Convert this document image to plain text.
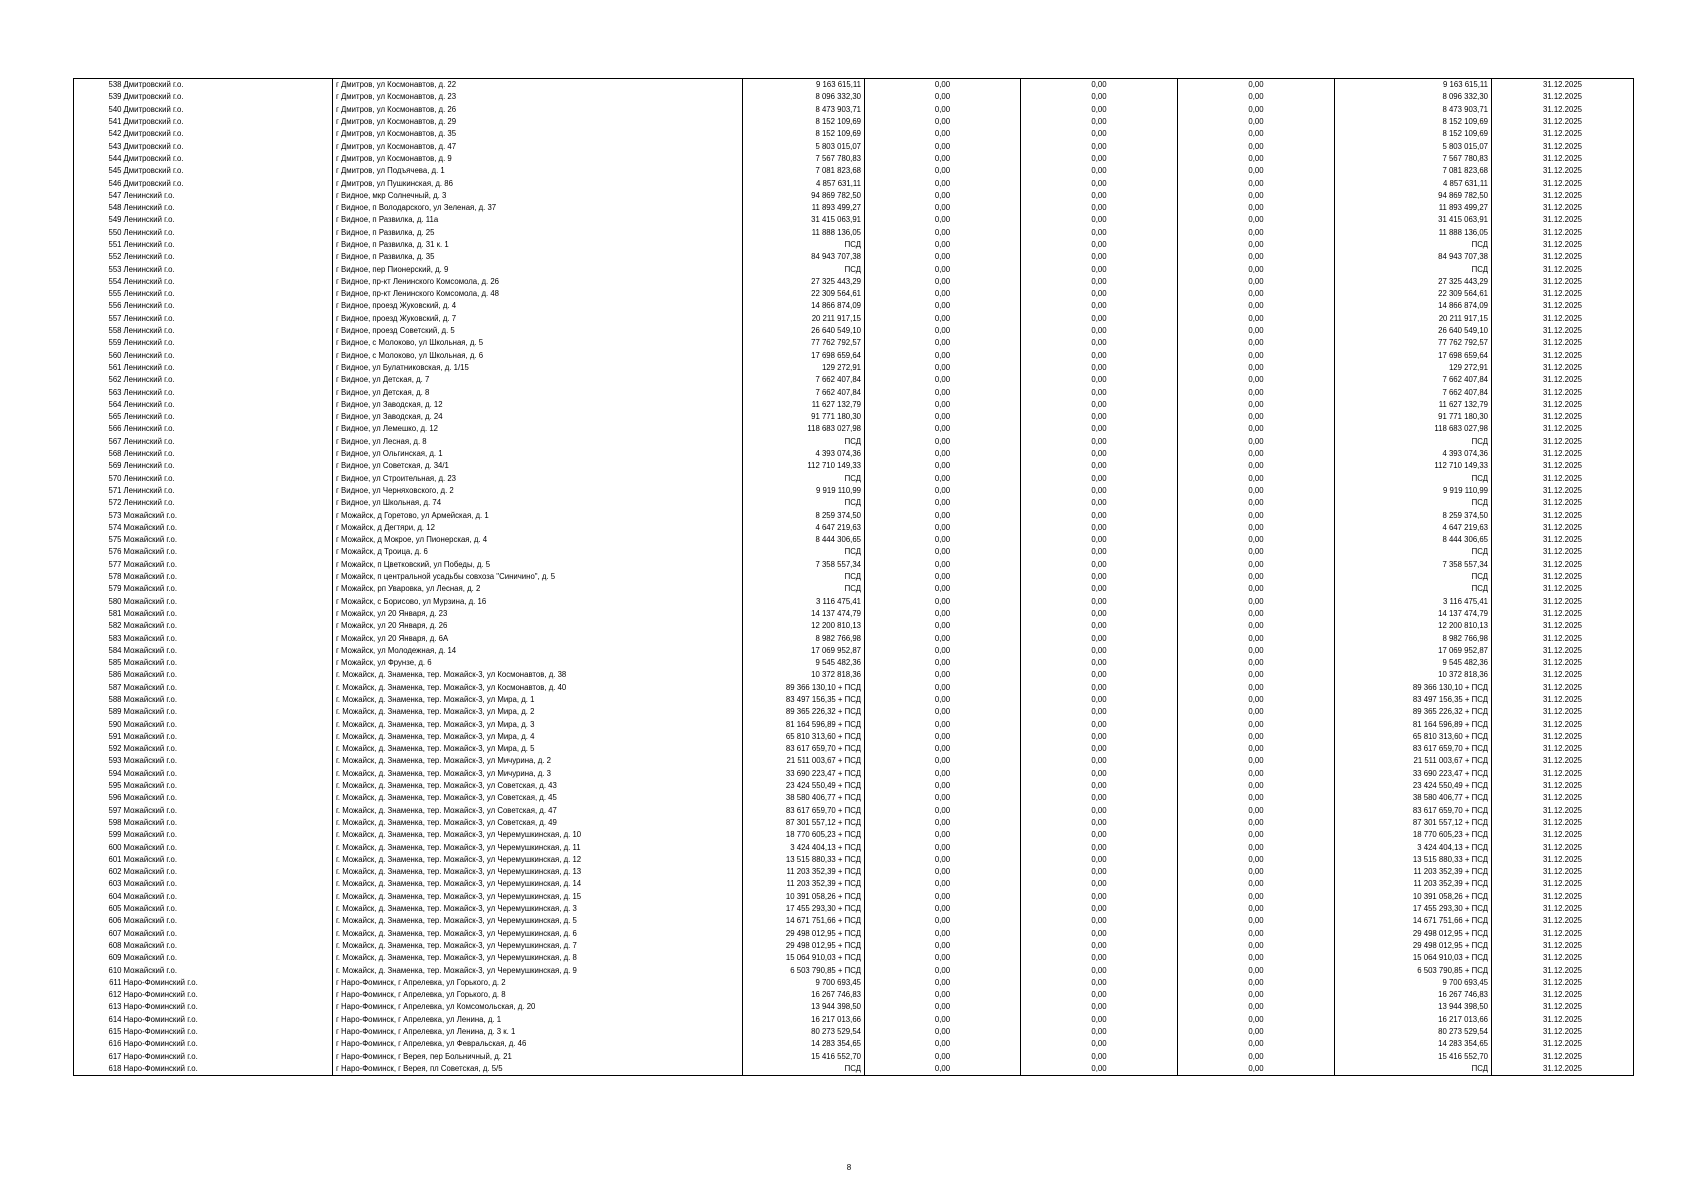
538	Дмитровский г.о.	г Дмитров, ул Космонавтов, д. 22	9 163 615,11	0,00	0,00	0,00	9 163 615,11	31.12.2025
539	Дмитровский г.о.	г Дмитров, ул Космонавтов, д. 23	8 096 332,30	0,00	0,00	0,00	8 096 332,30	31.12.2025
540	Дмитровский г.о.	г Дмитров, ул Космонавтов, д. 26	8 473 903,71	0,00	0,00	0,00	8 473 903,71	31.12.2025
541	Дмитровский г.о.	г Дмитров, ул Космонавтов, д. 29	8 152 109,69	0,00	0,00	0,00	8 152 109,69	31.12.2025
542	Дмитровский г.о.	г Дмитров, ул Космонавтов, д. 35	8 152 109,69	0,00	0,00	0,00	8 152 109,69	31.12.2025
543	Дмитровский г.о.	г Дмитров, ул Космонавтов, д. 47	5 803 015,07	0,00	0,00	0,00	5 803 015,07	31.12.2025
544	Дмитровский г.о.	г Дмитров, ул Космонавтов, д. 9	7 567 780,83	0,00	0,00	0,00	7 567 780,83	31.12.2025
545	Дмитровский г.о.	г Дмитров, ул Подъячева, д. 1	7 081 823,68	0,00	0,00	0,00	7 081 823,68	31.12.2025
546	Дмитровский г.о.	г Дмитров, ул Пушкинская, д. 86	4 857 631,11	0,00	0,00	0,00	4 857 631,11	31.12.2025
547	Ленинский г.о.	г Видное, мкр Солнечный, д. 3	94 869 782,50	0,00	0,00	0,00	94 869 782,50	31.12.2025
548	Ленинский г.о.	г Видное, п Володарского, ул Зеленая, д. 37	11 893 499,27	0,00	0,00	0,00	11 893 499,27	31.12.2025
549	Ленинский г.о.	г Видное, п Развилка, д. 11а	31 415 063,91	0,00	0,00	0,00	31 415 063,91	31.12.2025
550	Ленинский г.о.	г Видное, п Развилка, д. 25	11 888 136,05	0,00	0,00	0,00	11 888 136,05	31.12.2025
551	Ленинский г.о.	г Видное, п Развилка, д. 31 к. 1	ПСД	0,00	0,00	0,00	ПСД	31.12.2025
552	Ленинский г.о.	г Видное, п Развилка, д. 35	84 943 707,38	0,00	0,00	0,00	84 943 707,38	31.12.2025
553	Ленинский г.о.	г Видное, пер Пионерский, д. 9	ПСД	0,00	0,00	0,00	ПСД	31.12.2025
554	Ленинский г.о.	г Видное, пр-кт Ленинского Комсомола, д. 26	27 325 443,29	0,00	0,00	0,00	27 325 443,29	31.12.2025
555	Ленинский г.о.	г Видное, пр-кт Ленинского Комсомола, д. 48	22 309 564,61	0,00	0,00	0,00	22 309 564,61	31.12.2025
556	Ленинский г.о.	г Видное, проезд Жуковский, д. 4	14 866 874,09	0,00	0,00	0,00	14 866 874,09	31.12.2025
557	Ленинский г.о.	г Видное, проезд Жуковский, д. 7	20 211 917,15	0,00	0,00	0,00	20 211 917,15	31.12.2025
558	Ленинский г.о.	г Видное, проезд Советский, д. 5	26 640 549,10	0,00	0,00	0,00	26 640 549,10	31.12.2025
559	Ленинский г.о.	г Видное, с Молоково, ул Школьная, д. 5	77 762 792,57	0,00	0,00	0,00	77 762 792,57	31.12.2025
560	Ленинский г.о.	г Видное, с Молоково, ул Школьная, д. 6	17 698 659,64	0,00	0,00	0,00	17 698 659,64	31.12.2025
561	Ленинский г.о.	г Видное, ул Булатниковская, д. 1/15	129 272,91	0,00	0,00	0,00	129 272,91	31.12.2025
562	Ленинский г.о.	г Видное, ул Детская, д. 7	7 662 407,84	0,00	0,00	0,00	7 662 407,84	31.12.2025
563	Ленинский г.о.	г Видное, ул Детская, д. 8	7 662 407,84	0,00	0,00	0,00	7 662 407,84	31.12.2025
564	Ленинский г.о.	г Видное, ул Заводская, д. 12	11 627 132,79	0,00	0,00	0,00	11 627 132,79	31.12.2025
565	Ленинский г.о.	г Видное, ул Заводская, д. 24	91 771 180,30	0,00	0,00	0,00	91 771 180,30	31.12.2025
566	Ленинский г.о.	г Видное, ул Лемешко, д. 12	118 683 027,98	0,00	0,00	0,00	118 683 027,98	31.12.2025
567	Ленинский г.о.	г Видное, ул Лесная, д. 8	ПСД	0,00	0,00	0,00	ПСД	31.12.2025
568	Ленинский г.о.	г Видное, ул Ольгинская, д. 1	4 393 074,36	0,00	0,00	0,00	4 393 074,36	31.12.2025
569	Ленинский г.о.	г Видное, ул Советская, д. 34/1	112 710 149,33	0,00	0,00	0,00	112 710 149,33	31.12.2025
570	Ленинский г.о.	г Видное, ул Строительная, д. 23	ПСД	0,00	0,00	0,00	ПСД	31.12.2025
571	Ленинский г.о.	г Видное, ул Черняховского, д. 2	9 919 110,99	0,00	0,00	0,00	9 919 110,99	31.12.2025
572	Ленинский г.о.	г Видное, ул Школьная, д. 74	ПСД	0,00	0,00	0,00	ПСД	31.12.2025
573	Можайский г.о.	г Можайск, д Горетово, ул Армейская, д. 1	8 259 374,50	0,00	0,00	0,00	8 259 374,50	31.12.2025
574	Можайский г.о.	г Можайск, д Дегтяри, д. 12	4 647 219,63	0,00	0,00	0,00	4 647 219,63	31.12.2025
575	Можайский г.о.	г Можайск, д Мокрое, ул Пионерская, д. 4	8 444 306,65	0,00	0,00	0,00	8 444 306,65	31.12.2025
576	Можайский г.о.	г Можайск, д Троица, д. 6	ПСД	0,00	0,00	0,00	ПСД	31.12.2025
577	Можайский г.о.	г Можайск, п Цветковский, ул Победы, д. 5	7 358 557,34	0,00	0,00	0,00	7 358 557,34	31.12.2025
578	Можайский г.о.	г Можайск, п центральной усадьбы совхоза "Синичино", д. 5	ПСД	0,00	0,00	0,00	ПСД	31.12.2025
579	Можайский г.о.	г Можайск, рп Уваровка, ул Лесная, д. 2	ПСД	0,00	0,00	0,00	ПСД	31.12.2025
580	Можайский г.о.	г Можайск, с Борисово, ул Мурзина, д. 16	3 116 475,41	0,00	0,00	0,00	3 116 475,41	31.12.2025
581	Можайский г.о.	г Можайск, ул 20 Января, д. 23	14 137 474,79	0,00	0,00	0,00	14 137 474,79	31.12.2025
582	Можайский г.о.	г Можайск, ул 20 Января, д. 26	12 200 810,13	0,00	0,00	0,00	12 200 810,13	31.12.2025
583	Можайский г.о.	г Можайск, ул 20 Января, д. 6А	8 982 766,98	0,00	0,00	0,00	8 982 766,98	31.12.2025
584	Можайский г.о.	г Можайск, ул Молодежная, д. 14	17 069 952,87	0,00	0,00	0,00	17 069 952,87	31.12.2025
585	Можайский г.о.	г Можайск, ул Фрунзе, д. 6	9 545 482,36	0,00	0,00	0,00	9 545 482,36	31.12.2025
586	Можайский г.о.	г. Можайск, д. Знаменка, тер. Можайск-3, ул Космонавтов, д. 38	10 372 818,36	0,00	0,00	0,00	10 372 818,36	31.12.2025
587	Можайский г.о.	г. Можайск, д. Знаменка, тер. Можайск-3, ул Космонавтов, д. 40	89 366 130,10 + ПСД	0,00	0,00	0,00	89 366 130,10 + ПСД	31.12.2025
588	Можайский г.о.	г. Можайск, д. Знаменка, тер. Можайск-3, ул Мира, д. 1	83 497 156,35 + ПСД	0,00	0,00	0,00	83 497 156,35 + ПСД	31.12.2025
589	Можайский г.о.	г. Можайск, д. Знаменка, тер. Можайск-3, ул Мира, д. 2	89 365 226,32 + ПСД	0,00	0,00	0,00	89 365 226,32 + ПСД	31.12.2025
590	Можайский г.о.	г. Можайск, д. Знаменка, тер. Можайск-3, ул Мира, д. 3	81 164 596,89 + ПСД	0,00	0,00	0,00	81 164 596,89 + ПСД	31.12.2025
591	Можайский г.о.	г. Можайск, д. Знаменка, тер. Можайск-3, ул Мира, д. 4	65 810 313,60 + ПСД	0,00	0,00	0,00	65 810 313,60 + ПСД	31.12.2025
592	Можайский г.о.	г. Можайск, д. Знаменка, тер. Можайск-3, ул Мира, д. 5	83 617 659,70 + ПСД	0,00	0,00	0,00	83 617 659,70 + ПСД	31.12.2025
593	Можайский г.о.	г. Можайск, д. Знаменка, тер. Можайск-3, ул Мичурина, д. 2	21 511 003,67 + ПСД	0,00	0,00	0,00	21 511 003,67 + ПСД	31.12.2025
594	Можайский г.о.	г. Можайск, д. Знаменка, тер. Можайск-3, ул Мичурина, д. 3	33 690 223,47 + ПСД	0,00	0,00	0,00	33 690 223,47 + ПСД	31.12.2025
595	Можайский г.о.	г. Можайск, д. Знаменка, тер. Можайск-3, ул Советская, д. 43	23 424 550,49 + ПСД	0,00	0,00	0,00	23 424 550,49 + ПСД	31.12.2025
596	Можайский г.о.	г. Можайск, д. Знаменка, тер. Можайск-3, ул Советская, д. 45	38 580 406,77 + ПСД	0,00	0,00	0,00	38 580 406,77 + ПСД	31.12.2025
597	Можайский г.о.	г. Можайск, д. Знаменка, тер. Можайск-3, ул Советская, д. 47	83 617 659,70 + ПСД	0,00	0,00	0,00	83 617 659,70 + ПСД	31.12.2025
598	Можайский г.о.	г. Можайск, д. Знаменка, тер. Можайск-3, ул Советская, д. 49	87 301 557,12 + ПСД	0,00	0,00	0,00	87 301 557,12 + ПСД	31.12.2025
599	Можайский г.о.	г. Можайск, д. Знаменка, тер. Можайск-3, ул Черемушкинская, д. 10	18 770 605,23 + ПСД	0,00	0,00	0,00	18 770 605,23 + ПСД	31.12.2025
600	Можайский г.о.	г. Можайск, д. Знаменка, тер. Можайск-3, ул Черемушкинская, д. 11	3 424 404,13 + ПСД	0,00	0,00	0,00	3 424 404,13 + ПСД	31.12.2025
601	Можайский г.о.	г. Можайск, д. Знаменка, тер. Можайск-3, ул Черемушкинская, д. 12	13 515 880,33 + ПСД	0,00	0,00	0,00	13 515 880,33 + ПСД	31.12.2025
602	Можайский г.о.	г. Можайск, д. Знаменка, тер. Можайск-3, ул Черемушкинская, д. 13	11 203 352,39 + ПСД	0,00	0,00	0,00	11 203 352,39 + ПСД	31.12.2025
603	Можайский г.о.	г. Можайск, д. Знаменка, тер. Можайск-3, ул Черемушкинская, д. 14	11 203 352,39 + ПСД	0,00	0,00	0,00	11 203 352,39 + ПСД	31.12.2025
604	Можайский г.о.	г. Можайск, д. Знаменка, тер. Можайск-3, ул Черемушкинская, д. 15	10 391 058,26 + ПСД	0,00	0,00	0,00	10 391 058,26 + ПСД	31.12.2025
605	Можайский г.о.	г. Можайск, д. Знаменка, тер. Можайск-3, ул Черемушкинская, д. 3	17 455 293,30 + ПСД	0,00	0,00	0,00	17 455 293,30 + ПСД	31.12.2025
606	Можайский г.о.	г. Можайск, д. Знаменка, тер. Можайск-3, ул Черемушкинская, д. 5	14 671 751,66 + ПСД	0,00	0,00	0,00	14 671 751,66 + ПСД	31.12.2025
607	Можайский г.о.	г. Можайск, д. Знаменка, тер. Можайск-3, ул Черемушкинская, д. 6	29 498 012,95 + ПСД	0,00	0,00	0,00	29 498 012,95 + ПСД	31.12.2025
608	Можайский г.о.	г. Можайск, д. Знаменка, тер. Можайск-3, ул Черемушкинская, д. 7	29 498 012,95 + ПСД	0,00	0,00	0,00	29 498 012,95 + ПСД	31.12.2025
609	Можайский г.о.	г. Можайск, д. Знаменка, тер. Можайск-3, ул Черемушкинская, д. 8	15 064 910,03 + ПСД	0,00	0,00	0,00	15 064 910,03 + ПСД	31.12.2025
610	Можайский г.о.	г. Можайск, д. Знаменка, тер. Можайск-3, ул Черемушкинская, д. 9	6 503 790,85 + ПСД	0,00	0,00	0,00	6 503 790,85 + ПСД	31.12.2025
611	Наро-Фоминский г.о.	г Наро-Фоминск, г Апрелевка, ул Горького, д. 2	9 700 693,45	0,00	0,00	0,00	9 700 693,45	31.12.2025
612	Наро-Фоминский г.о.	г Наро-Фоминск, г Апрелевка, ул Горького, д. 8	16 267 746,83	0,00	0,00	0,00	16 267 746,83	31.12.2025
613	Наро-Фоминский г.о.	г Наро-Фоминск, г Апрелевка, ул Комсомольская, д. 20	13 944 398,50	0,00	0,00	0,00	13 944 398,50	31.12.2025
614	Наро-Фоминский г.о.	г Наро-Фоминск, г Апрелевка, ул Ленина, д. 1	16 217 013,66	0,00	0,00	0,00	16 217 013,66	31.12.2025
615	Наро-Фоминский г.о.	г Наро-Фоминск, г Апрелевка, ул Ленина, д. 3 к. 1	80 273 529,54	0,00	0,00	0,00	80 273 529,54	31.12.2025
616	Наро-Фоминский г.о.	г Наро-Фоминск, г Апрелевка, ул Февральская, д. 46	14 283 354,65	0,00	0,00	0,00	14 283 354,65	31.12.2025
617	Наро-Фоминский г.о.	г Наро-Фоминск, г Верея, пер Больничный, д. 21	15 416 552,70	0,00	0,00	0,00	15 416 552,70	31.12.2025
618	Наро-Фоминский г.о.	г Наро-Фоминск, г Верея, пл Советская, д. 5/5	ПСД	0,00	0,00	0,00	ПСД	31.12.2025
8
